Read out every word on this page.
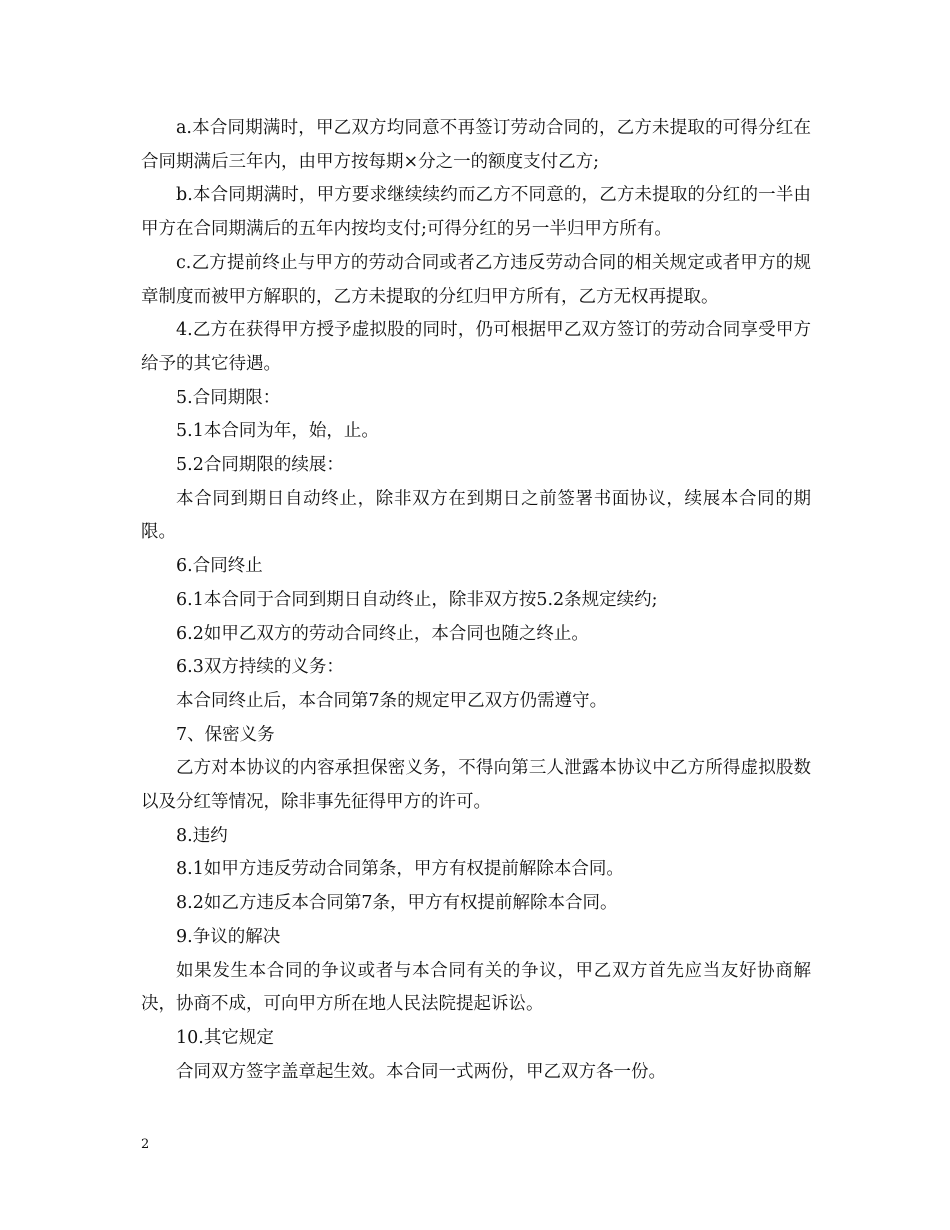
a.本合同期满时，甲乙双方均同意不再签订劳动合同的，乙方未提取的可得分红在合同期满后三年内，由甲方按每期×分之一的额度支付乙方;

b.本合同期满时，甲方要求继续续约而乙方不同意的，乙方未提取的分红的一半由甲方在合同期满后的五年内按均支付;可得分红的另一半归甲方所有。

c.乙方提前终止与甲方的劳动合同或者乙方违反劳动合同的相关规定或者甲方的规章制度而被甲方解职的，乙方未提取的分红归甲方所有，乙方无权再提取。

4.乙方在获得甲方授予虚拟股的同时，仍可根据甲乙双方签订的劳动合同享受甲方给予的其它待遇。

5.合同期限：

5.1本合同为年，始，止。

5.2合同期限的续展：

本合同到期日自动终止，除非双方在到期日之前签署书面协议，续展本合同的期限。

6.合同终止

6.1本合同于合同到期日自动终止，除非双方按5.2条规定续约;

6.2如甲乙双方的劳动合同终止，本合同也随之终止。

6.3双方持续的义务：

本合同终止后，本合同第7条的规定甲乙双方仍需遵守。

7、保密义务

乙方对本协议的内容承担保密义务，不得向第三人泄露本协议中乙方所得虚拟股数以及分红等情况，除非事先征得甲方的许可。

8.违约

8.1如甲方违反劳动合同第条，甲方有权提前解除本合同。

8.2如乙方违反本合同第7条，甲方有权提前解除本合同。

9.争议的解决

如果发生本合同的争议或者与本合同有关的争议，甲乙双方首先应当友好协商解决，协商不成，可向甲方所在地人民法院提起诉讼。

10.其它规定

合同双方签字盖章起生效。本合同一式两份，甲乙双方各一份。

2
